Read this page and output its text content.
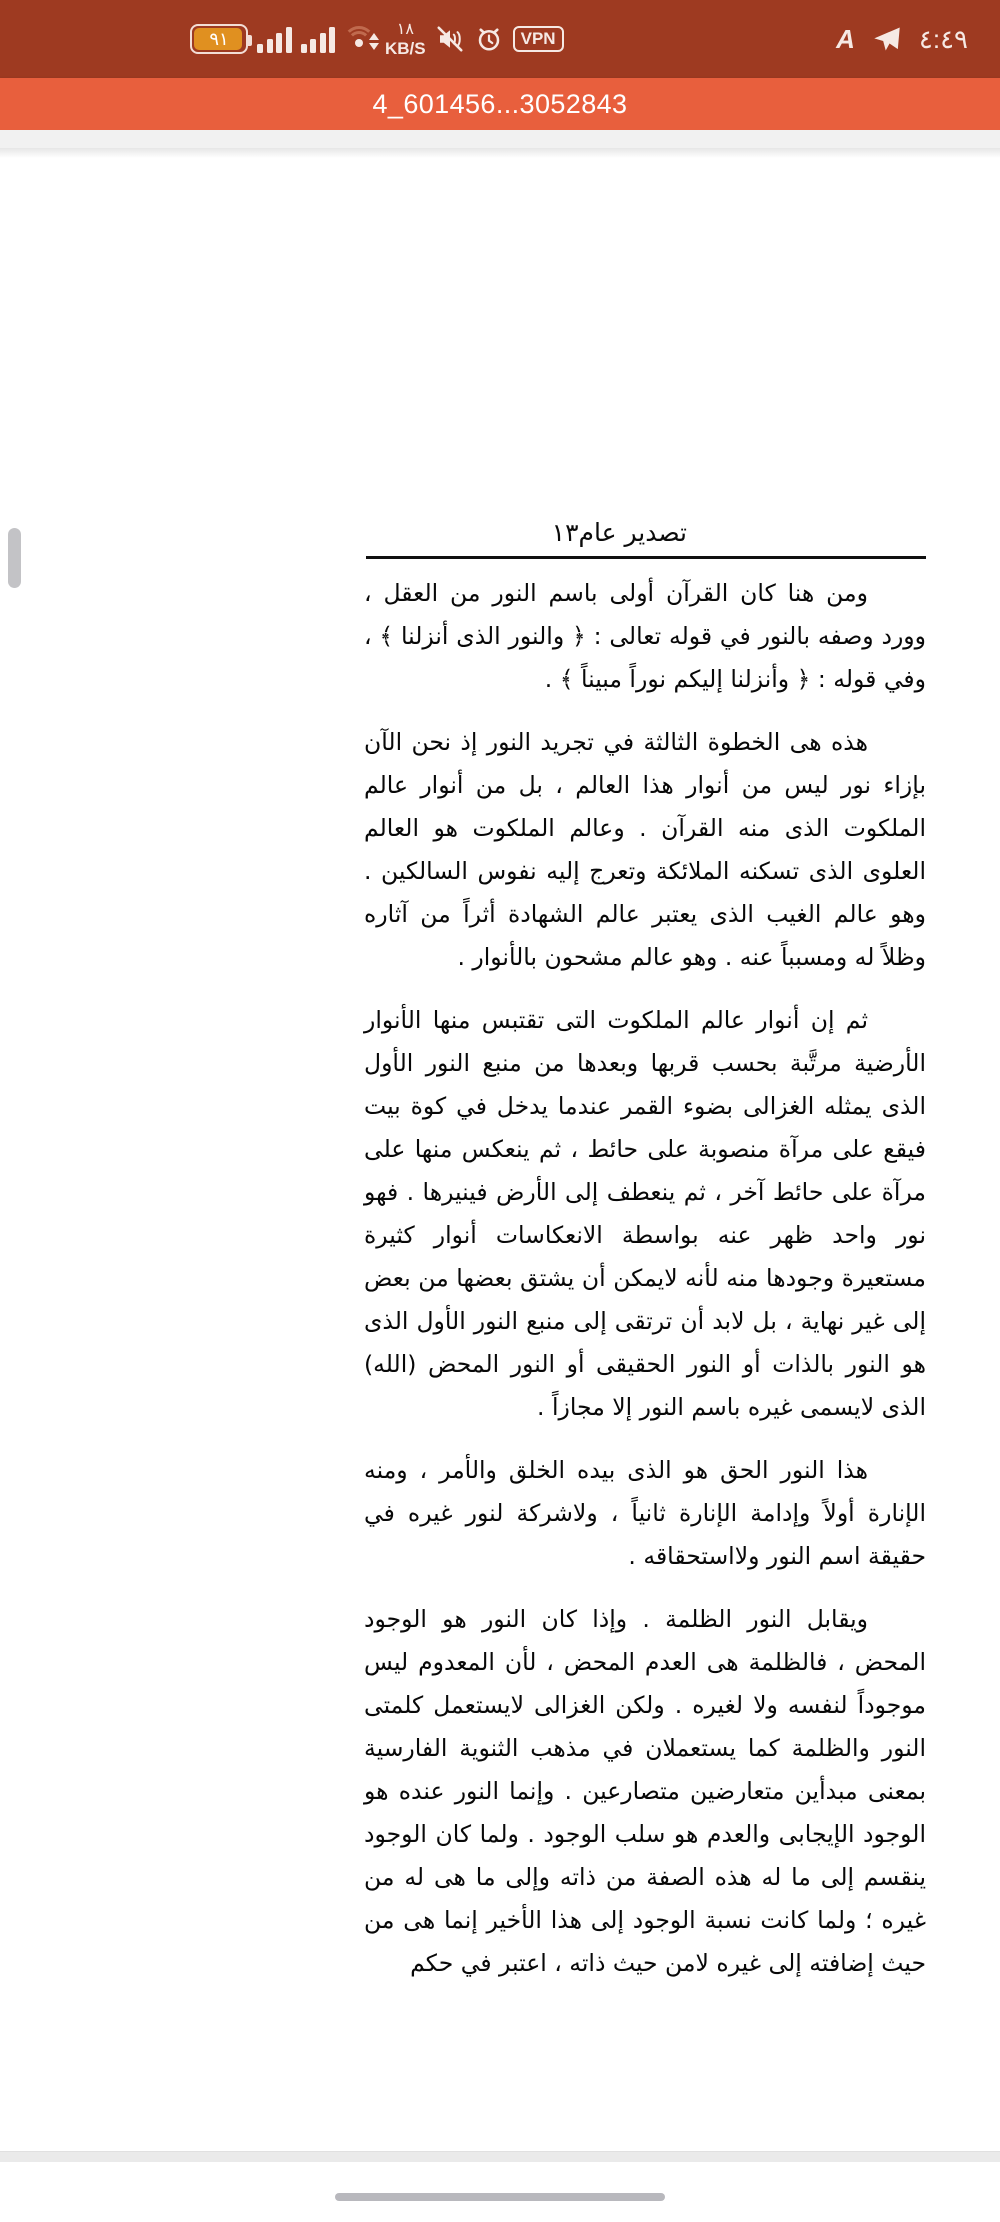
٩١	١٨
KB/S
VPN	A ٤:٤٩
4_601456...3052843
تصدير عام
١٣

ومن هنا كان القرآن أولى باسم النور من العقل ، وورد وصفه بالنور في قوله تعالى : ﴿ والنور الذى أنزلنا ﴾ ، وفي قوله : ﴿ وأنزلنا إليكم نوراً مبيناً ﴾ .

هذه هى الخطوة الثالثة في تجريد النور إذ نحن الآن بإزاء نور ليس من أنوار هذا العالم ، بل من أنوار عالم الملكوت الذى منه القرآن . وعالم الملكوت هو العالم العلوى الذى تسكنه الملائكة وتعرج إليه نفوس السالكين . وهو عالم الغيب الذى يعتبر عالم الشهادة أثراً من آثاره وظلاً له ومسبباً عنه . وهو عالم مشحون بالأنوار .

ثم إن أنوار عالم الملكوت التى تقتبس منها الأنوار الأرضية مرتَّبة بحسب قربها وبعدها من منبع النور الأول الذى يمثله الغزالى بضوء القمر عندما يدخل في كوة بيت فيقع على مرآة منصوبة على حائط ، ثم ينعكس منها على مرآة على حائط آخر ، ثم ينعطف إلى الأرض فينيرها . فهو نور واحد ظهر عنه بواسطة الانعكاسات أنوار كثيرة مستعيرة وجودها منه لأنه لايمكن أن يشتق بعضها من بعض إلى غير نهاية ، بل لابد أن ترتقى إلى منبع النور الأول الذى هو النور بالذات أو النور الحقيقى أو النور المحض (الله) الذى لايسمى غيره باسم النور إلا مجازاً .

هذا النور الحق هو الذى بيده الخلق والأمر ، ومنه الإنارة أولاً وإدامة الإنارة ثانياً ، ولاشركة لنور غيره في حقيقة اسم النور ولااستحقاقه .

ويقابل النور الظلمة . وإذا كان النور هو الوجود المحض ، فالظلمة هى العدم المحض ، لأن المعدوم ليس موجوداً لنفسه ولا لغيره . ولكن الغزالى لايستعمل كلمتى النور والظلمة كما يستعملان في مذهب الثنوية الفارسية بمعنى مبدأين متعارضين متصارعين . وإنما النور عنده هو الوجود الإيجابى والعدم هو سلب الوجود . ولما كان الوجود ينقسم إلى ما له هذه الصفة من ذاته وإلى ما هى له من غيره ؛ ولما كانت نسبة الوجود إلى هذا الأخير إنما هى من حيث إضافته إلى غيره لامن حيث ذاته ، اعتبر في حكم
